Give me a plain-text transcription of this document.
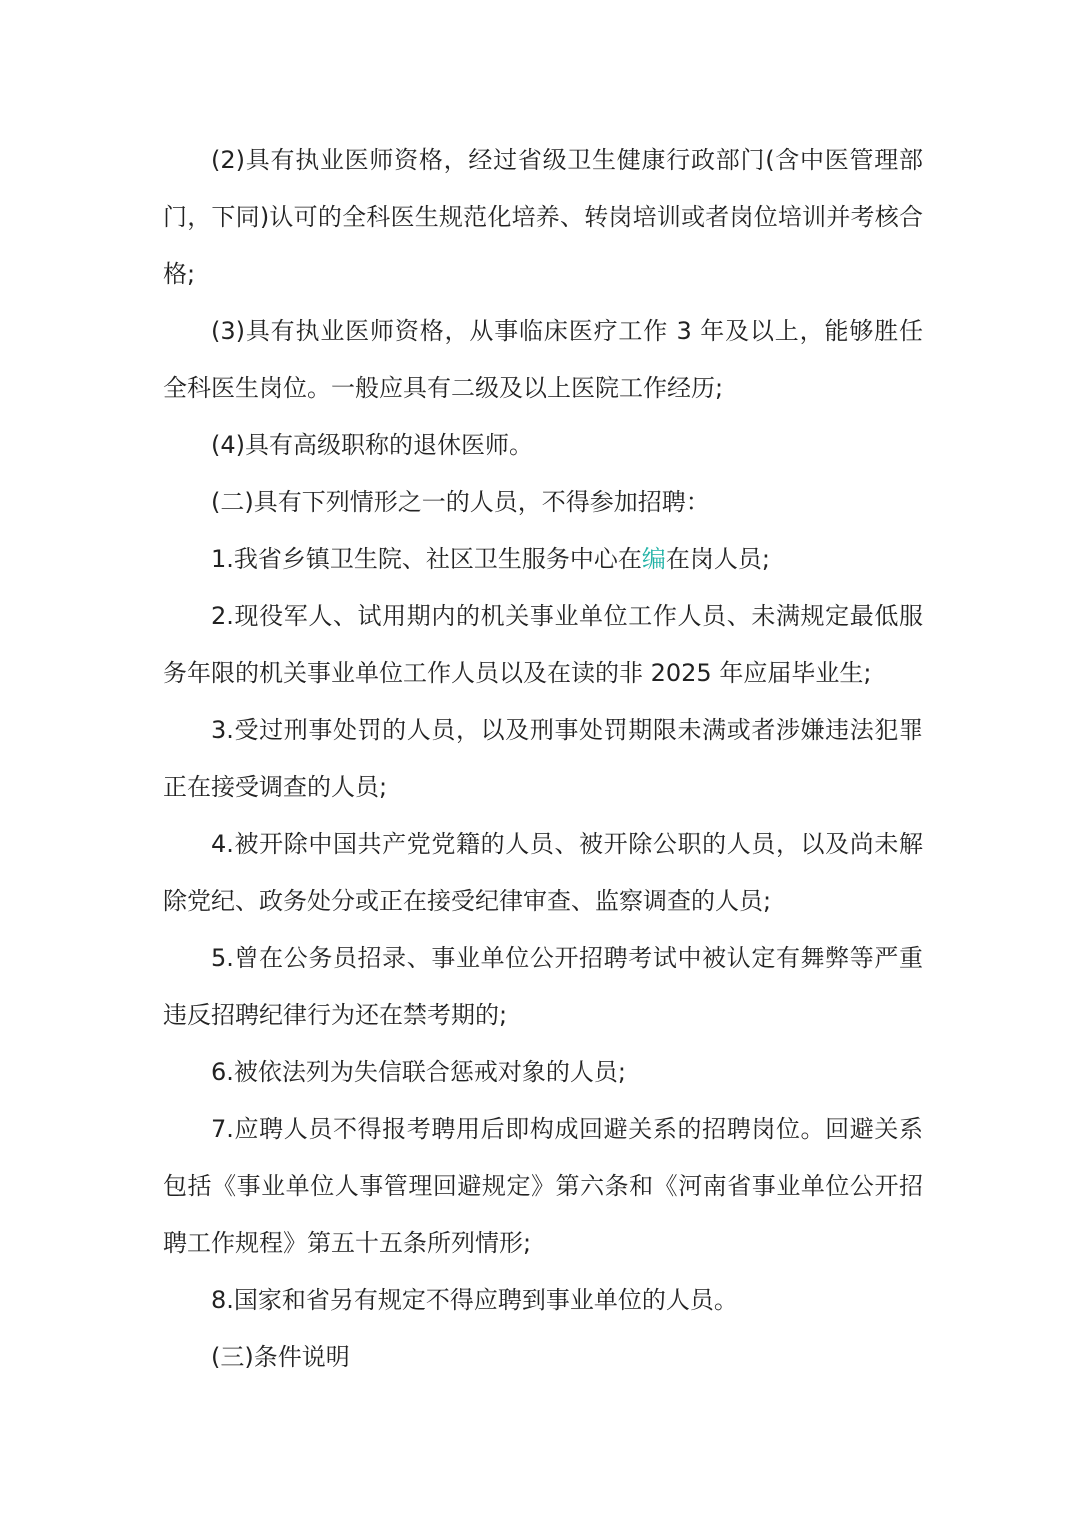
(2)具有执业医师资格，经过省级卫生健康行政部门(含中医管理部门，下同)认可的全科医生规范化培养、转岗培训或者岗位培训并考核合格;

(3)具有执业医师资格，从事临床医疗工作 3 年及以上，能够胜任全科医生岗位。一般应具有二级及以上医院工作经历;

(4)具有高级职称的退休医师。

(二)具有下列情形之一的人员，不得参加招聘：

1.我省乡镇卫生院、社区卫生服务中心在编在岗人员;

2.现役军人、试用期内的机关事业单位工作人员、未满规定最低服务年限的机关事业单位工作人员以及在读的非 2025 年应届毕业生;

3.受过刑事处罚的人员，以及刑事处罚期限未满或者涉嫌违法犯罪正在接受调查的人员;

4.被开除中国共产党党籍的人员、被开除公职的人员，以及尚未解除党纪、政务处分或正在接受纪律审查、监察调查的人员;

5.曾在公务员招录、事业单位公开招聘考试中被认定有舞弊等严重违反招聘纪律行为还在禁考期的;

6.被依法列为失信联合惩戒对象的人员;

7.应聘人员不得报考聘用后即构成回避关系的招聘岗位。回避关系包括《事业单位人事管理回避规定》第六条和《河南省事业单位公开招聘工作规程》第五十五条所列情形;

8.国家和省另有规定不得应聘到事业单位的人员。

(三)条件说明
